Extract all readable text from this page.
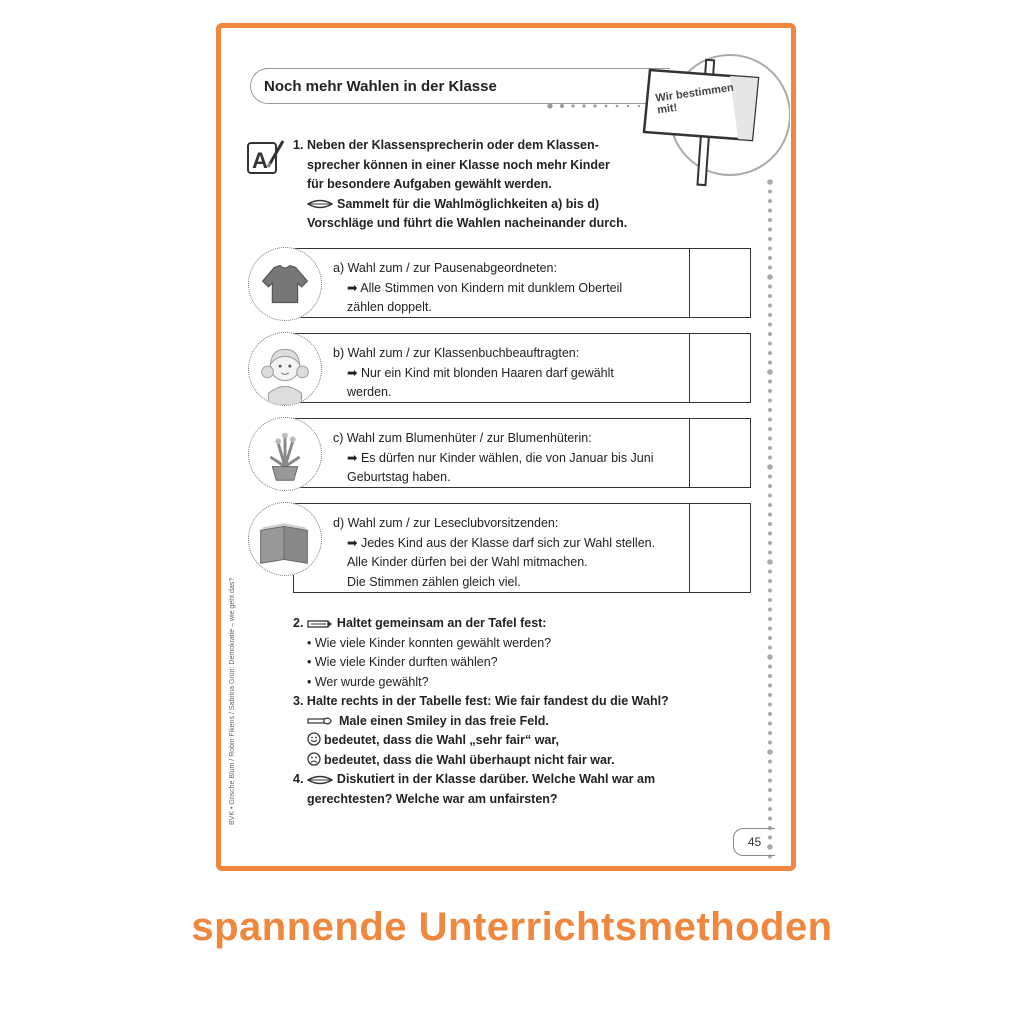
Noch mehr Wahlen in der Klasse	Wir bestimmen mit!
BVK • Grische Blum / Robin Fikens / Sabrina Grün: Demokratie – wie geht das?
A
1. Neben der Klassensprecherin oder dem Klassen-
sprecher können in einer Klasse noch mehr Kinder
für besondere Aufgaben gewählt werden.
Sammelt für die Wahlmöglichkeiten a) bis d)
Vorschläge und führt die Wahlen nacheinander durch.
a) Wahl zum / zur Pausenabgeordneten:
➡ Alle Stimmen von Kindern mit dunklem Oberteil
zählen doppelt.
b) Wahl zum / zur Klassenbuchbeauftragten:
➡ Nur ein Kind mit blonden Haaren darf gewählt
werden.
c) Wahl zum Blumenhüter / zur Blumenhüterin:
➡ Es dürfen nur Kinder wählen, die von Januar bis Juni
Geburtstag haben.
d) Wahl zum / zur Leseclubvorsitzenden:
➡ Jedes Kind aus der Klasse darf sich zur Wahl stellen.
Alle Kinder dürfen bei der Wahl mitmachen.
Die Stimmen zählen gleich viel.
2.	Haltet gemeinsam an der Tafel fest:
• Wie viele Kinder konnten gewählt werden?
• Wie viele Kinder durften wählen?
• Wer wurde gewählt?
3. Halte rechts in der Tabelle fest: Wie fair fandest du die Wahl?
Male einen Smiley in das freie Feld.
bedeutet, dass die Wahl „sehr fair“ war,
bedeutet, dass die Wahl überhaupt nicht fair war.
4.	Diskutiert in der Klasse darüber. Welche Wahl war am
gerechtesten? Welche war am unfairsten?
45
spannende Unterrichtsmethoden
